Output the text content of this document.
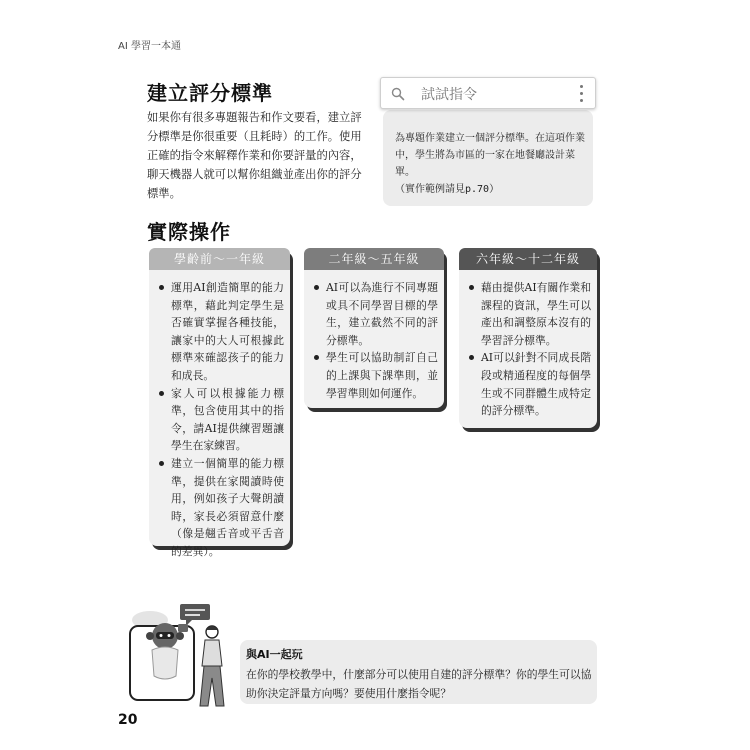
AI 學習一本通
建立評分標準

如果你有很多專題報告和作文要看，建立評分標準是你很重要（且耗時）的工作。使用正確的指令來解釋作業和你要評量的內容，聊天機器人就可以幫你組織並產出你的評分標準。

試試指令

為專題作業建立一個評分標準。在這項作業中，學生將為市區的一家在地餐廳設計菜單。
（實作範例請見p.70）

實際操作
學齡前～一年級
運用AI創造簡單的能力標準，藉此判定學生是否確實掌握各種技能，讓家中的大人可根據此標準來確認孩子的能力和成長。
家人可以根據能力標準，包含使用其中的指令，請AI提供練習題讓學生在家練習。
建立一個簡單的能力標準，提供在家閱讀時使用，例如孩子大聲朗讀時，家長必須留意什麼（像是翹舌音或平舌音的差異）。
二年級～五年級
AI可以為進行不同專題或具不同學習目標的學生，建立截然不同的評分標準。
學生可以協助制訂自己的上課與下課準則，並學習準則如何運作。
六年級～十二年級
藉由提供AI有關作業和課程的資訊，學生可以產出和調整原本沒有的學習評分標準。
AI可以針對不同成長階段或精通程度的每個學生或不同群體生成特定的評分標準。
與AI一起玩

在你的學校教學中，什麼部分可以使用自建的評分標準？你的學生可以協助你決定評量方向嗎？要使用什麼指令呢？

20
